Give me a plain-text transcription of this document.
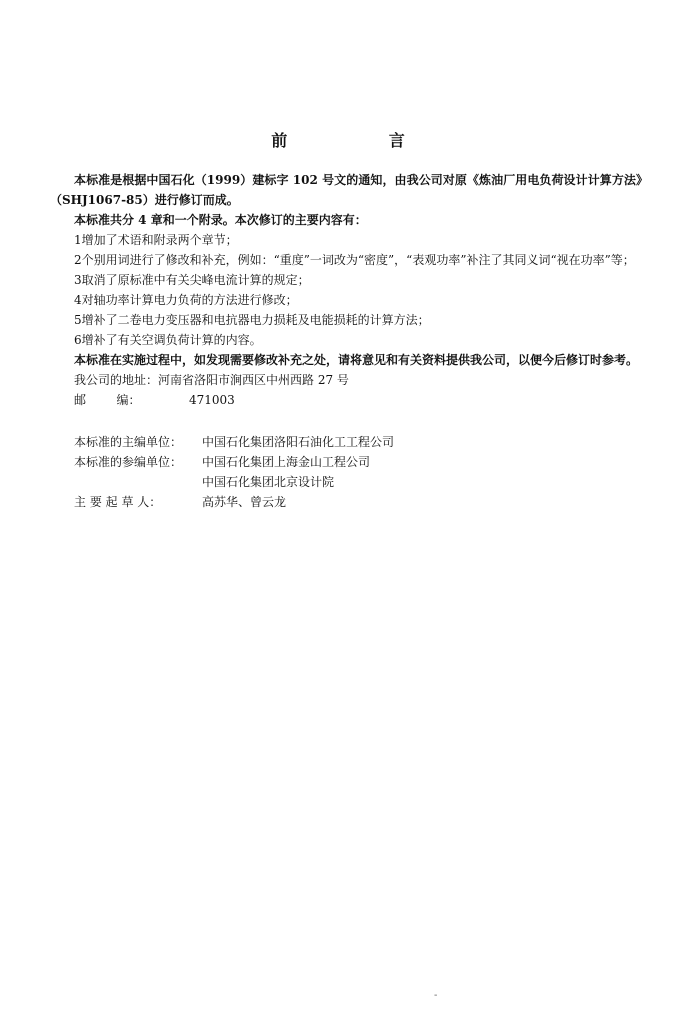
前 言

本标准是根据中国石化（1999）建标字 102 号文的通知，由我公司对原《炼油厂用电负荷设计计算方法》（SHJ1067-85）进行修订而成。

本标准共分 4 章和一个附录。本次修订的主要内容有：

1增加了术语和附录两个章节；

2个别用词进行了修改和补充，例如：“重度”一词改为“密度”，“表观功率”补注了其同义词“视在功率”等；

3取消了原标准中有关尖峰电流计算的规定；

4对轴功率计算电力负荷的方法进行修改；

5增补了二卷电力变压器和电抗器电力损耗及电能损耗的计算方法；

6增补了有关空调负荷计算的内容。

本标准在实施过程中，如发现需要修改补充之处，请将意见和有关资料提供我公司，以便今后修订时参考。

我公司的地址： 河南省洛阳市涧西区中州西路 27 号
邮        编：	471003
本标准的主编单位：	中国石化集团洛阳石油化工工程公司
本标准的参编单位：	中国石化集团上海金山工程公司
中国石化集团北京设计院
主 要 起 草 人：	高苏华、曾云龙
-
